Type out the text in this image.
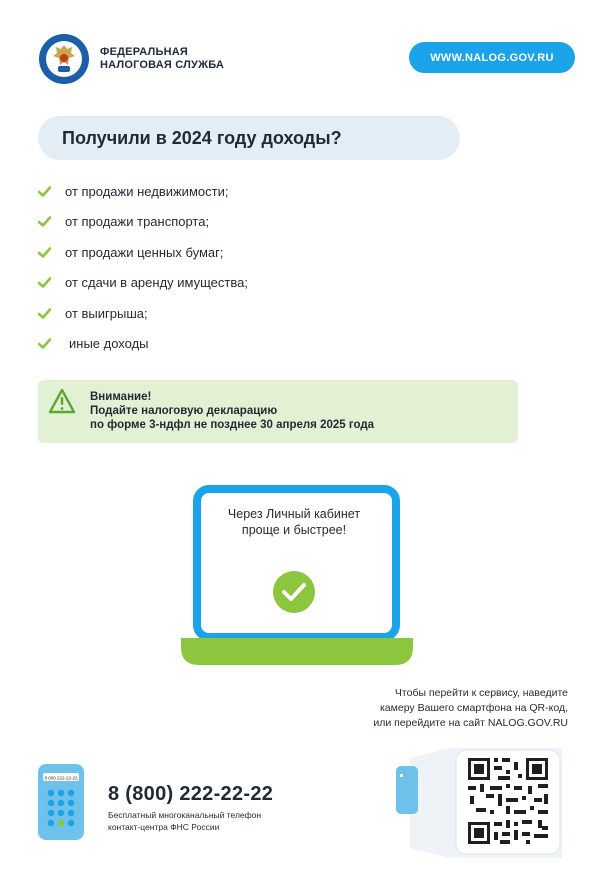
ФЕДЕРАЛЬНАЯ
НАЛОГОВАЯ СЛУЖБА
WWW.NALOG.GOV.RU
Получили в 2024 году доходы?
от продажи недвижимости;
от продажи транспорта;
от продажи ценных бумаг;
от сдачи в аренду имущества;
от выигрыша;
иные доходы
Внимание!
Подайте налоговую декларацию
по форме 3-ндфл не позднее 30 апреля 2025 года
Через Личный кабинет
проще и быстрее!
Чтобы перейти к сервису, наведите
камеру Вашего смартфона на QR-код,
или перейдите на сайт NALOG.GOV.RU
8 800 222-22-22
8 (800) 222-22-22
Бесплатный многоканальный телефон
контакт-центра ФНС России
